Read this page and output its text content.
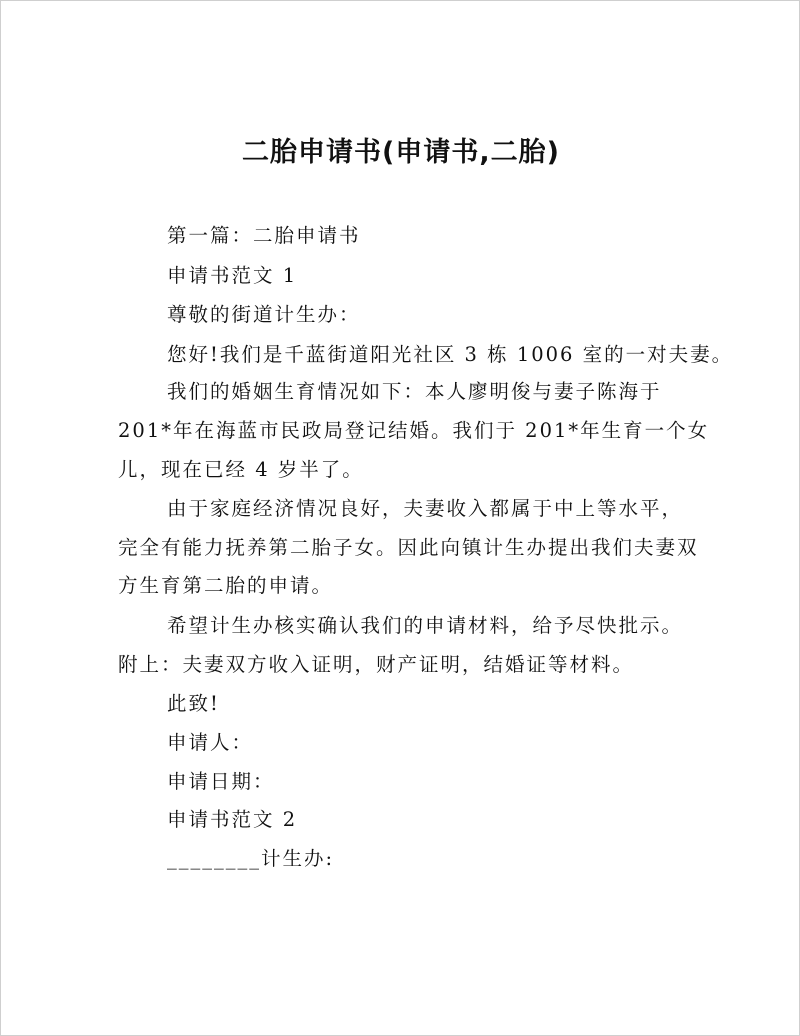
二胎申请书(申请书,二胎)
第一篇：二胎申请书
申请书范文 1
尊敬的街道计生办：
您好!我们是千蓝街道阳光社区 3 栋 1006 室的一对夫妻。
我们的婚姻生育情况如下：本人廖明俊与妻子陈海于
201*年在海蓝市民政局登记结婚。我们于 201*年生育一个女
儿，现在已经 4 岁半了。
由于家庭经济情况良好，夫妻收入都属于中上等水平，
完全有能力抚养第二胎子女。因此向镇计生办提出我们夫妻双
方生育第二胎的申请。
希望计生办核实确认我们的申请材料，给予尽快批示。
附上：夫妻双方收入证明，财产证明，结婚证等材料。
此致!
申请人：
申请日期：
申请书范文 2
________计生办:
